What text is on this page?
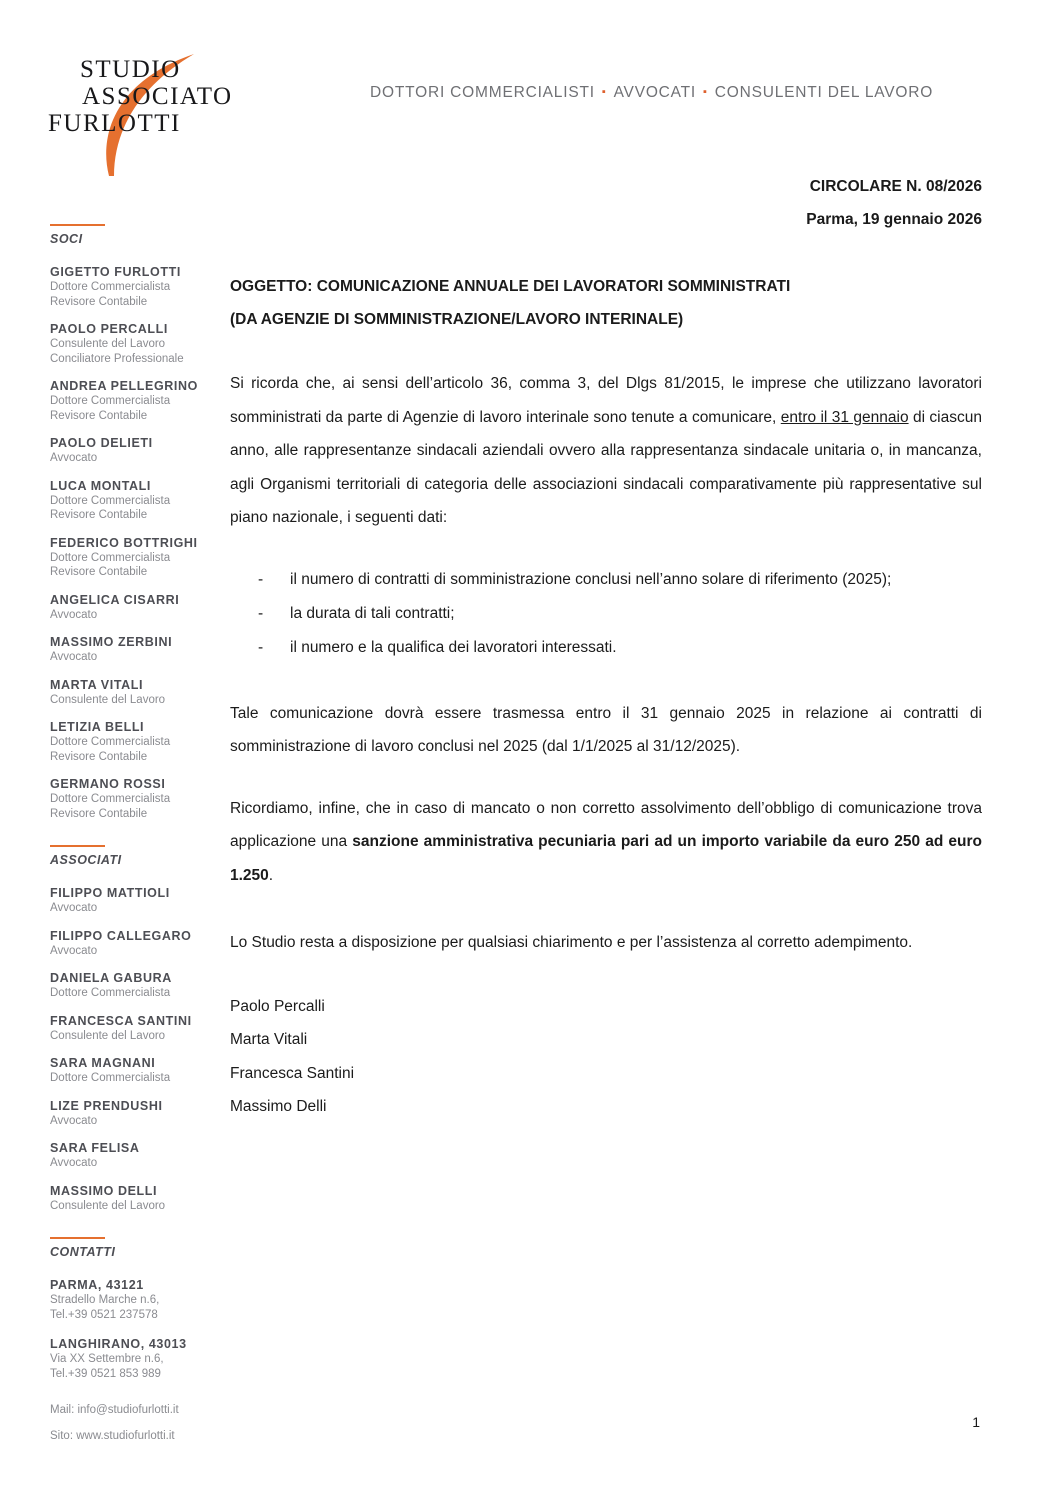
STUDIO
ASSOCIATO
FURLOTTI
DOTTORI COMMERCIALISTI ▪ AVVOCATI ▪ CONSULENTI DEL LAVORO
CIRCOLARE N. 08/2026
Parma, 19 gennaio 2026
SOCI
GIGETTO FURLOTTI
Dottore Commercialista
Revisore Contabile
PAOLO PERCALLI
Consulente del Lavoro
Conciliatore Professionale
ANDREA PELLEGRINO
Dottore Commercialista
Revisore Contabile
PAOLO DELIETI
Avvocato
LUCA MONTALI
Dottore Commercialista
Revisore Contabile
FEDERICO BOTTRIGHI
Dottore Commercialista
Revisore Contabile
ANGELICA CISARRI
Avvocato
MASSIMO ZERBINI
Avvocato
MARTA VITALI
Consulente del Lavoro
LETIZIA BELLI
Dottore Commercialista
Revisore Contabile
GERMANO ROSSI
Dottore Commercialista
Revisore Contabile
ASSOCIATI
FILIPPO MATTIOLI
Avvocato
FILIPPO CALLEGARO
Avvocato
DANIELA GABURA
Dottore Commercialista
FRANCESCA SANTINI
Consulente del Lavoro
SARA MAGNANI
Dottore Commercialista
LIZE PRENDUSHI
Avvocato
SARA FELISA
Avvocato
MASSIMO DELLI
Consulente del Lavoro
CONTATTI
PARMA, 43121
Stradello Marche n.6,
Tel.+39 0521 237578
LANGHIRANO, 43013
Via XX Settembre n.6,
Tel.+39 0521 853 989
Mail: info@studiofurlotti.it
Sito: www.studiofurlotti.it
OGGETTO: COMUNICAZIONE ANNUALE DEI LAVORATORI SOMMINISTRATI
(DA AGENZIE DI SOMMINISTRAZIONE/LAVORO INTERINALE)

Si ricorda che, ai sensi dell’articolo 36, comma 3, del Dlgs 81/2015, le imprese che utilizzano lavoratori somministrati da parte di Agenzie di lavoro interinale sono tenute a comunicare, entro il 31 gennaio di ciascun anno, alle rappresentanze sindacali aziendali ovvero alla rappresentanza sindacale unitaria o, in mancanza, agli Organismi territoriali di categoria delle associazioni sindacali comparativamente più rappresentative sul piano nazionale, i seguenti dati:

- il numero di contratti di somministrazione conclusi nell’anno solare di riferimento (2025);
- la durata di tali contratti;
- il numero e la qualifica dei lavoratori interessati.

Tale comunicazione dovrà essere trasmessa entro il 31 gennaio 2025 in relazione ai contratti di somministrazione di lavoro conclusi nel 2025 (dal 1/1/2025 al 31/12/2025).

Ricordiamo, infine, che in caso di mancato o non corretto assolvimento dell’obbligo di comunicazione trova applicazione una sanzione amministrativa pecuniaria pari ad un importo variabile da euro 250 ad euro 1.250.

Lo Studio resta a disposizione per qualsiasi chiarimento e per l’assistenza al corretto adempimento.

Paolo Percalli
Marta Vitali
Francesca Santini
Massimo Delli
1
